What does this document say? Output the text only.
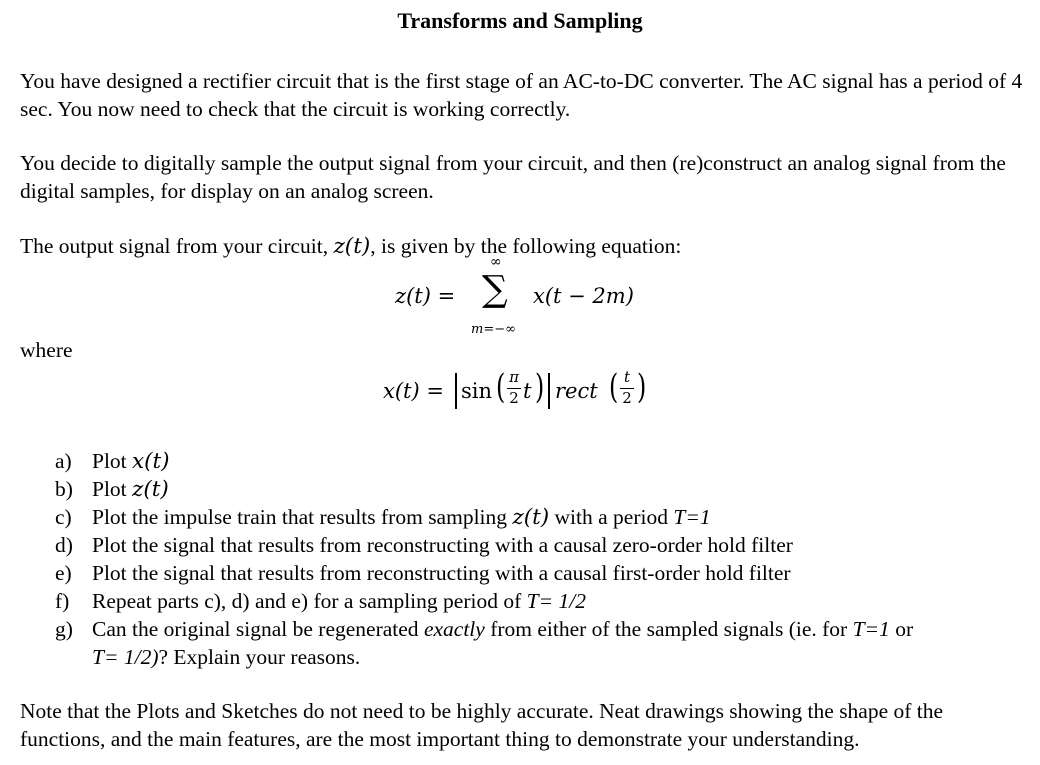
Transforms and Sampling
You have designed a rectifier circuit that is the first stage of an AC-to-DC converter. The AC signal has a period of 4 sec. You now need to check that the circuit is working correctly.
You decide to digitally sample the output signal from your circuit, and then (re)construct an analog signal from the digital samples, for display on an analog screen.
The output signal from your circuit, z(t), is given by the following equation:
z(t) =
∞
∑
m=−∞
x(t − 2m)
where
x(t) = sin ( π
2 t ) rect ( t
2 )
a) Plot x(t)
b) Plot z(t)
c) Plot the impulse train that results from sampling z(t) with a period T=1
d) Plot the signal that results from reconstructing with a causal zero-order hold filter
e) Plot the signal that results from reconstructing with a causal first-order hold filter
f) Repeat parts c), d) and e) for a sampling period of T= 1/2
g) Can the original signal be regenerated exactly from either of the sampled signals (ie. for T=1 or
T= 1/2)? Explain your reasons.
Note that the Plots and Sketches do not need to be highly accurate. Neat drawings showing the shape of the functions, and the main features, are the most important thing to demonstrate your understanding.
